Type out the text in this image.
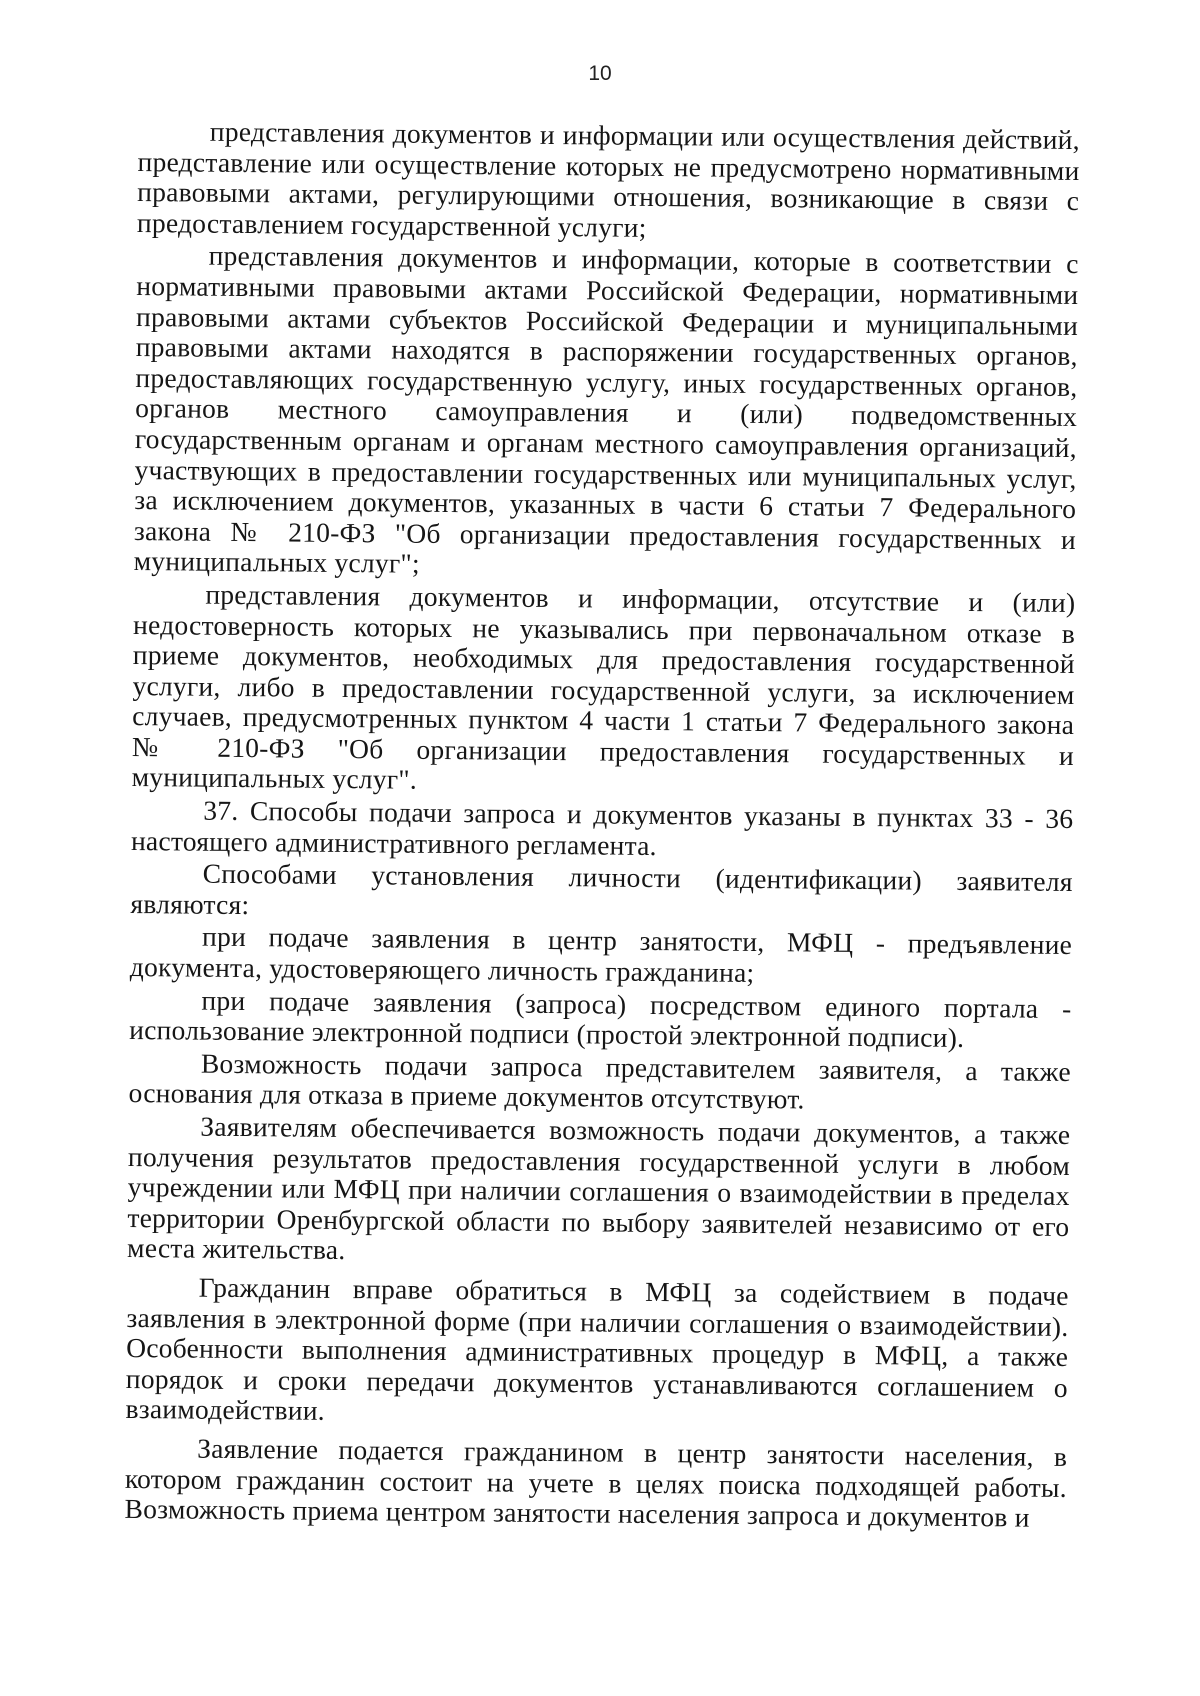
10

представления документов и информации или осуществления действий, представление или осуществление которых не предусмотрено нормативными правовыми актами, регулирующими отношения, возникающие в связи с предоставлением государственной услуги;

представления документов и информации, которые в соответствии с нормативными правовыми актами Российской Федерации, нормативными правовыми актами субъектов Российской Федерации и муниципальными правовыми актами находятся в распоряжении государственных органов, предоставляющих государственную услугу, иных государственных органов, органов местного самоуправления и (или) подведомственных государственным органам и органам местного самоуправления организаций, участвующих в предоставлении государственных или муниципальных услуг, за исключением документов, указанных в части 6 статьи 7 Федерального закона № 210-ФЗ "Об организации предоставления государственных и муниципальных услуг";

представления документов и информации, отсутствие и (или) недостоверность которых не указывались при первоначальном отказе в приеме документов, необходимых для предоставления государственной услуги, либо в предоставлении государственной услуги, за исключением случаев, предусмотренных пунктом 4 части 1 статьи 7 Федерального закона № 210-ФЗ "Об организации предоставления государственных и муниципальных услуг".

37. Способы подачи запроса и документов указаны в пунктах 33 - 36 настоящего административного регламента.

Способами установления личности (идентификации) заявителя являются:

при подаче заявления в центр занятости, МФЦ - предъявление документа, удостоверяющего личность гражданина;

при подаче заявления (запроса) посредством единого портала - использование электронной подписи (простой электронной подписи).

Возможность подачи запроса представителем заявителя, а также основания для отказа в приеме документов отсутствуют.

Заявителям обеспечивается возможность подачи документов, а также получения результатов предоставления государственной услуги в любом учреждении или МФЦ при наличии соглашения о взаимодействии в пределах территории Оренбургской области по выбору заявителей независимо от его места жительства.

Гражданин вправе обратиться в МФЦ за содействием в подаче заявления в электронной форме (при наличии соглашения о взаимодействии). Особенности выполнения административных процедур в МФЦ, а также порядок и сроки передачи документов устанавливаются соглашением о взаимодействии.

Заявление подается гражданином в центр занятости населения, в котором гражданин состоит на учете в целях поиска подходящей работы. Возможность приема центром занятости населения запроса и документов и
